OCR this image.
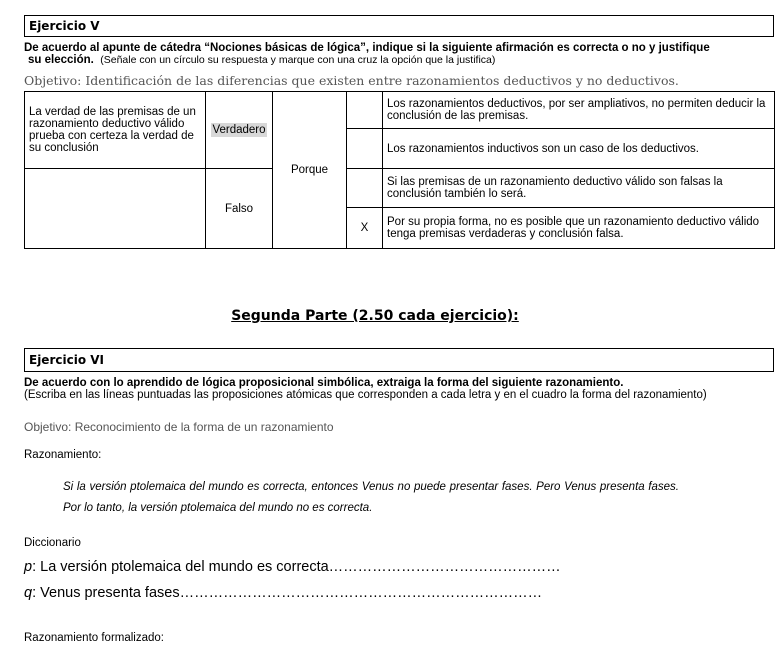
Ejercicio V
De acuerdo al apunte de cátedra “Nociones básicas de lógica”, indique si la siguiente afirmación es correcta o no y justifique
su elección. (Señale con un círculo su respuesta y marque con una cruz la opción que la justifica)
Objetivo: Identificación de las diferencias que existen entre razonamientos deductivos y no deductivos.
La verdad de las premisas de un razonamiento deductivo válido prueba con certeza la verdad de su conclusión	Verdadero	Porque		Los razonamientos deductivos, por ser ampliativos, no permiten deducir la conclusión de las premisas.
				Los razonamientos inductivos son un caso de los deductivos.
	Falso			Si las premisas de un razonamiento deductivo válido son falsas la conclusión también lo será.
			X	Por su propia forma, no es posible que un razonamiento deductivo válido tenga premisas verdaderas y conclusión falsa.
Segunda Parte (2.50 cada ejercicio):
Ejercicio VI
De acuerdo con lo aprendido de lógica proposicional simbólica, extraiga la forma del siguiente razonamiento.
(Escriba en las líneas puntuadas las proposiciones atómicas que corresponden a cada letra y en el cuadro la forma del razonamiento)
Objetivo: Reconocimiento de la forma de un razonamiento
Razonamiento:
Si la versión ptolemaica del mundo es correcta, entonces Venus no puede presentar fases. Pero Venus presenta fases. Por lo tanto, la versión ptolemaica del mundo no es correcta.
Diccionario
p: La versión ptolemaica del mundo es correcta…………………………………………
q: Venus presenta fases…………………………………………………………………
Razonamiento formalizado:
